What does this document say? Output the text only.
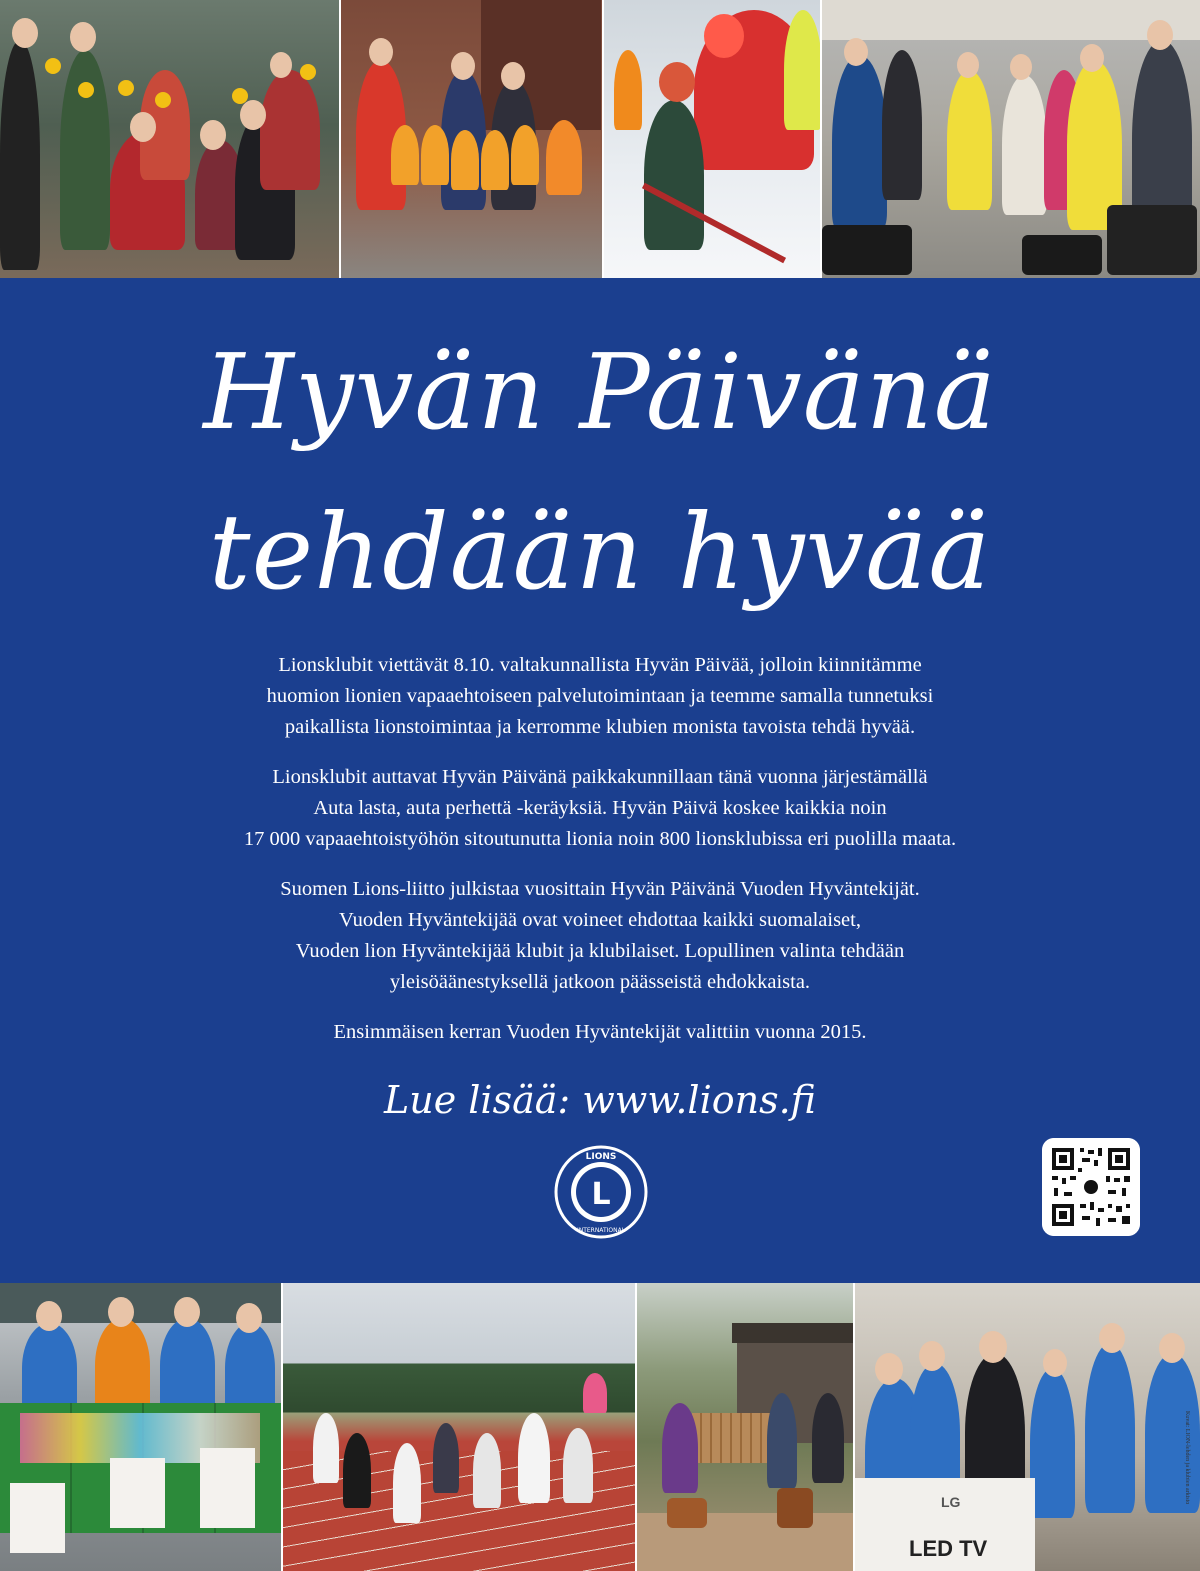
Hyvän Päivänä
tehdään hyvää

Lionsklubit viettävät 8.10. valtakunnallista Hyvän Päivää, jolloin kiinnitämme
huomion lionien vapaaehtoiseen palvelutoimintaan ja teemme samalla tunnetuksi
paikallista lionstoimintaa ja kerromme klubien monista tavoista tehdä hyvää.

Lionsklubit auttavat Hyvän Päivänä paikkakunnillaan tänä vuonna järjestämällä
Auta lasta, auta perhettä -keräyksiä. Hyvän Päivä koskee kaikkia noin
17 000 vapaaehtoistyöhön sitoutunutta lionia noin 800 lionsklubissa eri puolilla maata.

Suomen Lions-liitto julkistaa vuosittain Hyvän Päivänä Vuoden Hyväntekijät.
Vuoden Hyväntekijää ovat voineet ehdottaa kaikki suomalaiset,
Vuoden lion Hyväntekijää klubit ja klubilaiset. Lopullinen valinta tehdään
yleisöäänestyksellä jatkoon päässeistä ehdokkaista.

Ensimmäisen kerran Vuoden Hyväntekijät valittiin vuonna 2015.

Lue lisää: www.lions.fi
L
LIONS
INTERNATIONAL
LG
LED TV
Kuvat: LION-lehden ja klubien arkisto
